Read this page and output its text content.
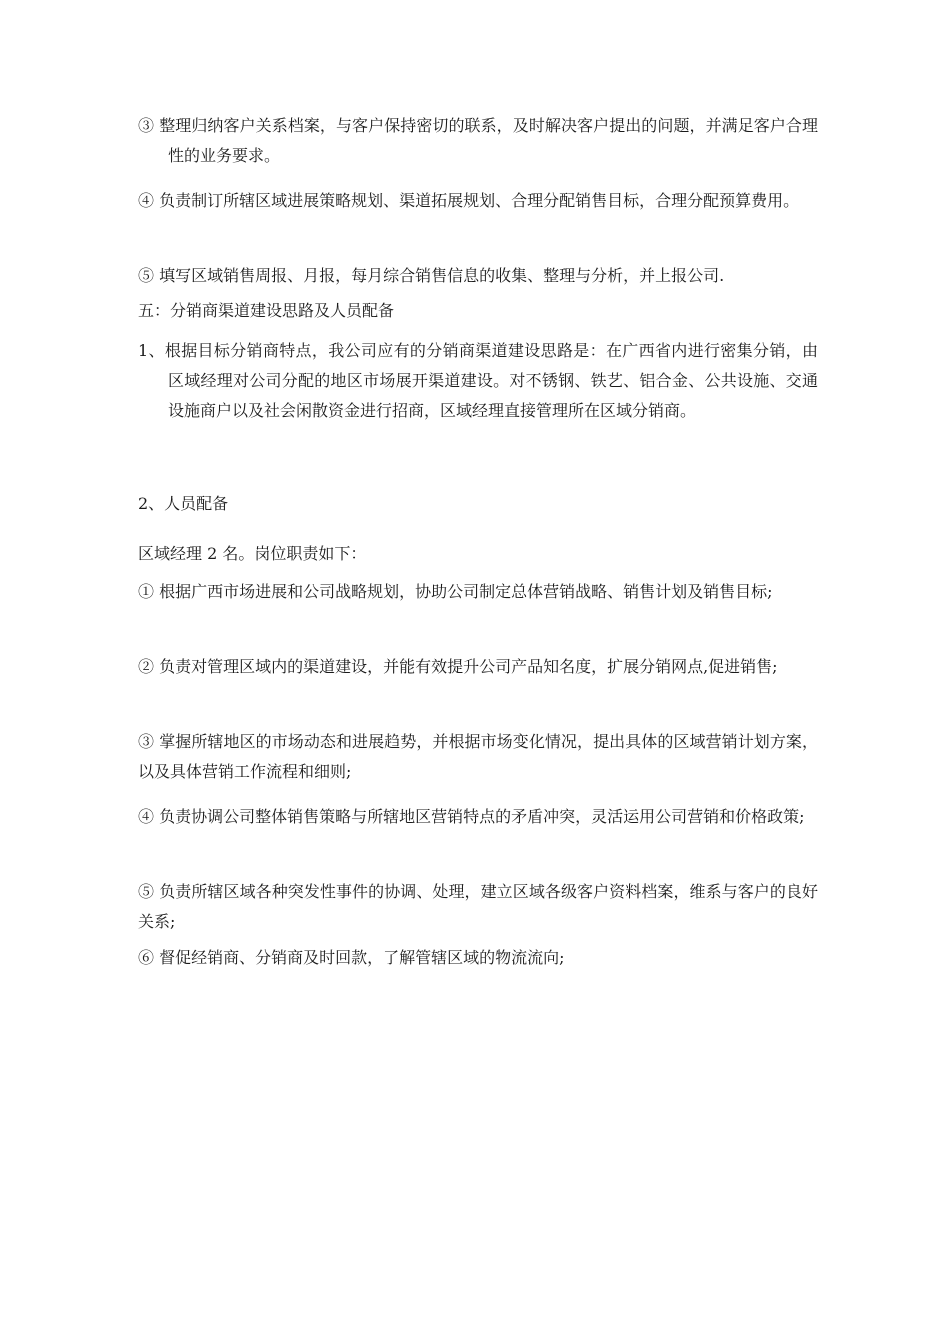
③ 整理归纳客户关系档案，与客户保持密切的联系，及时解决客户提出的问题，并满足客户合理性的业务要求。

④ 负责制订所辖区域进展策略规划、渠道拓展规划、合理分配销售目标，合理分配预算费用。

⑤ 填写区域销售周报、月报，每月综合销售信息的收集、整理与分析，并上报公司.

五：分销商渠道建设思路及人员配备

1、根据目标分销商特点，我公司应有的分销商渠道建设思路是：在广西省内进行密集分销，由区域经理对公司分配的地区市场展开渠道建设。对不锈钢、铁艺、铝合金、公共设施、交通设施商户以及社会闲散资金进行招商，区域经理直接管理所在区域分销商。

2、人员配备

区域经理 2 名。岗位职责如下：

① 根据广西市场进展和公司战略规划，协助公司制定总体营销战略、销售计划及销售目标;

② 负责对管理区域内的渠道建设，并能有效提升公司产品知名度，扩展分销网点,促进销售;

③ 掌握所辖地区的市场动态和进展趋势，并根据市场变化情况，提出具体的区域营销计划方案，以及具体营销工作流程和细则;

④ 负责协调公司整体销售策略与所辖地区营销特点的矛盾冲突，灵活运用公司营销和价格政策;

⑤ 负责所辖区域各种突发性事件的协调、处理，建立区域各级客户资料档案，维系与客户的良好关系;

⑥ 督促经销商、分销商及时回款，了解管辖区域的物流流向;
